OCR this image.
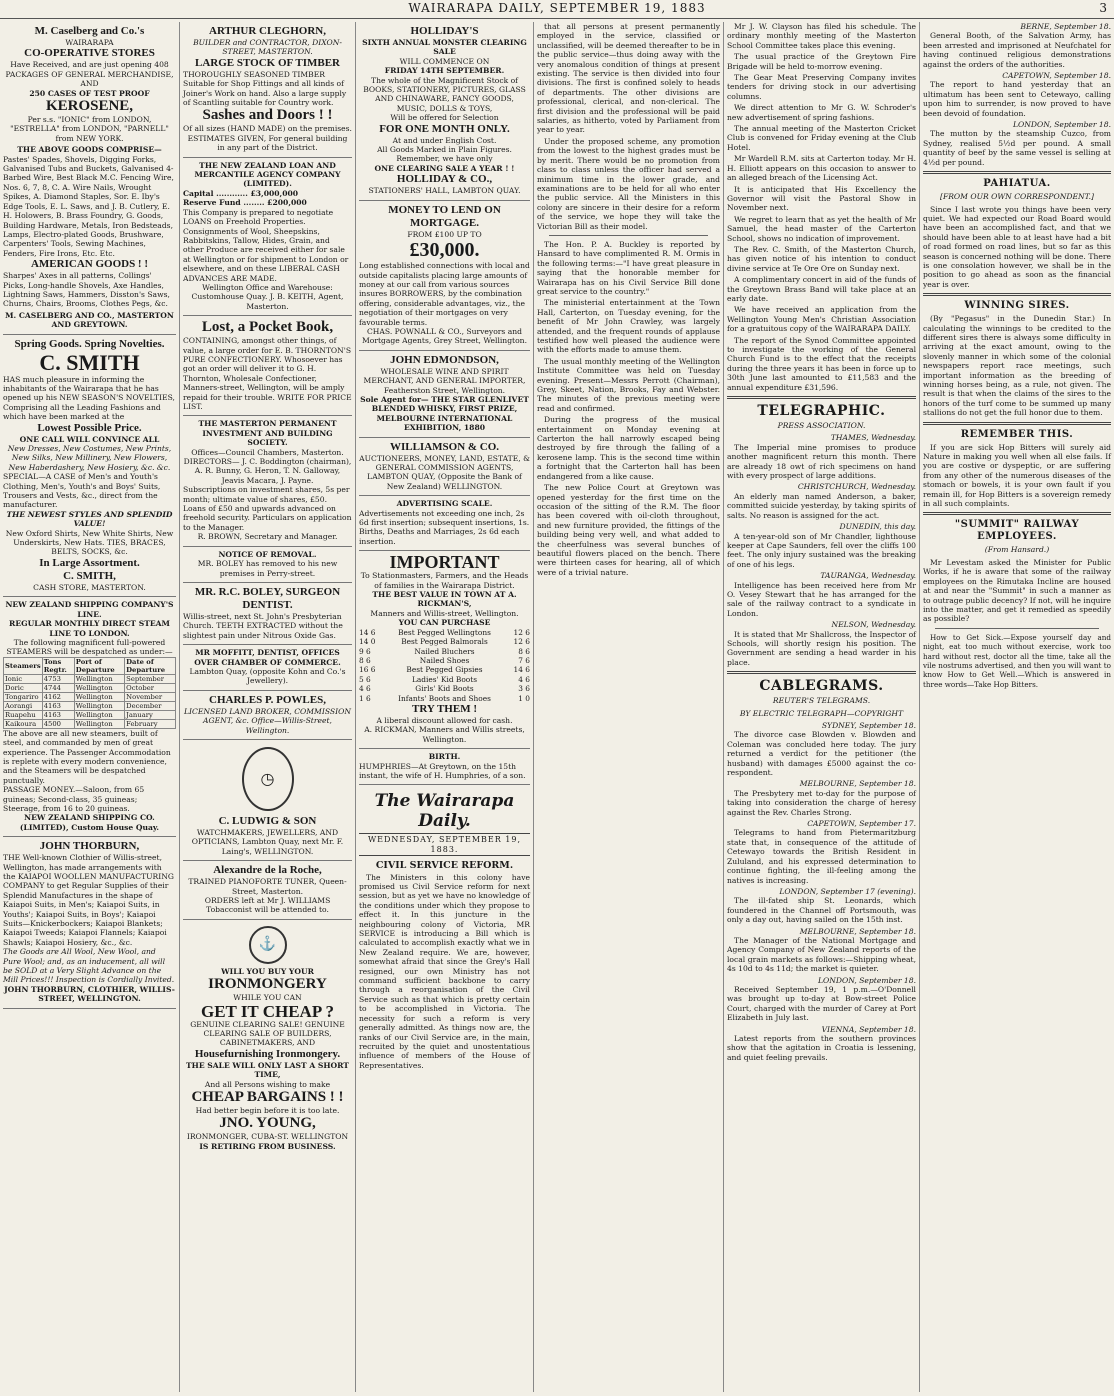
WAIRARAPA DAILY, SEPTEMBER 19, 1883	3
M. Caselberg and Co.'s
WAIRARAPA
CO-OPERATIVE STORES
Have Received, and are just opening 408 PACKAGES OF GENERAL MERCHANDISE, AND
250 CASES OF TEST PROOF
KEROSENE,
Per s.s. "IONIC" from LONDON, "ESTRELLA" from LONDON, "PARNELL" from NEW YORK.
THE ABOVE GOODS COMPRISE—
Pastes' Spades, Shovels, Digging Forks, Galvanised Tubs and Buckets, Galvanised 4-Barbed Wire, Best Black M.C. Fencing Wire, Nos. 6, 7, 8, C. A. Wire Nails, Wrought Spikes, A. Diamond Staples, Sor. E. Iby's Edge Tools, E. L. Saws, and J. B. Cutlery, E. H. Holowers, B. Brass Foundry, G. Goods, Building Hardware, Metals, Iron Bedsteads, Lamps, Electro-plated Goods, Brushware, Carpenters' Tools, Sewing Machines, Fenders, Fire Irons, Etc. Etc.
AMERICAN GOODS ! !
Sharpes' Axes in all patterns, Collings' Picks, Long-handle Shovels, Axe Handles, Lightning Saws, Hammers, Disston's Saws, Churns, Chairs, Brooms, Clothes Pegs, &c.
M. CASELBERG AND CO., MASTERTON AND GREYTOWN.
Spring Goods. Spring Novelties.
C. SMITH
HAS much pleasure in informing the inhabitants of the Wairarapa that he has opened up his NEW SEASON'S NOVELTIES, Comprising all the Leading Fashions and which have been marked at the
Lowest Possible Price.
ONE CALL WILL CONVINCE ALL
New Dresses, New Costumes, New Prints, New Silks, New Millinery, New Flowers, New Haberdashery, New Hosiery, &c. &c.
SPECIAL—A CASE of Men's and Youth's Clothing, Men's, Youth's and Boys' Suits, Trousers and Vests, &c., direct from the manufacturer.
THE NEWEST STYLES AND SPLENDID VALUE!
New Oxford Shirts, New White Shirts, New Underskirts, New Hats. TIES, BRACES, BELTS, SOCKS, &c.
In Large Assortment.
C. SMITH,
CASH STORE, MASTERTON.
NEW ZEALAND SHIPPING COMPANY'S LINE.
REGULAR MONTHLY DIRECT STEAM LINE TO LONDON.
The following magnificent full-powered STEAMERS will be despatched as under:—
Steamers	Tons Regtr.	Port of Departure	Date of Departure
Ionic	4753	Wellington	September
Doric	4744	Wellington	October
Tongariro	4162	Wellington	November
Aorangi	4163	Wellington	December
Ruapehu	4163	Wellington	January
Kaikoura	4500	Wellington	February
The above are all new steamers, built of steel, and commanded by men of great experience. The Passenger Accommodation is replete with every modern convenience, and the Steamers will be despatched punctually.
PASSAGE MONEY.—Saloon, from 65 guineas; Second-class, 35 guineas; Steerage, from 16 to 20 guineas.
NEW ZEALAND SHIPPING CO. (LIMITED), Custom House Quay.
JOHN THORBURN,
THE Well-known Clothier of Willis-street, Wellington, has made arrangements with the KAIAPOI WOOLLEN MANUFACTURING COMPANY to get Regular Supplies of their Splendid Manufactures in the shape of Kaiapoi Suits, in Men's; Kaiapoi Suits, in Youths'; Kaiapoi Suits, in Boys'; Kaiapoi Suits—Knickerbockers; Kaiapoi Blankets; Kaiapoi Tweeds; Kaiapoi Flannels; Kaiapoi Shawls; Kaiapoi Hosiery, &c., &c.
The Goods are All Wool, New Wool, and Pure Wool; and, as an inducement, all will be SOLD at a Very Slight Advance on the Mill Prices!!! Inspection is Cordially Invited.
JOHN THORBURN, CLOTHIER, WILLIS-STREET, WELLINGTON.
ARTHUR CLEGHORN,
BUILDER and CONTRACTOR, DIXON-STREET, MASTERTON.
LARGE STOCK OF TIMBER
THOROUGHLY SEASONED TIMBER Suitable for Shop Fittings and all kinds of Joiner's Work on hand. Also a large supply of Scantling suitable for Country work.
Sashes and Doors ! !
Of all sizes (HAND MADE) on the premises.
ESTIMATES GIVEN, For general building in any part of the District.
THE NEW ZEALAND LOAN AND MERCANTILE AGENCY COMPANY (LIMITED).
Capital ............ £3,000,000
Reserve Fund ........ £200,000
This Company is prepared to negotiate LOANS on Freehold Properties. Consignments of Wool, Sheepskins, Rabbitskins, Tallow, Hides, Grain, and other Produce are received either for sale at Wellington or for shipment to London or elsewhere, and on these LIBERAL CASH ADVANCES ARE MADE.
Wellington Office and Warehouse: Customhouse Quay. J. B. KEITH, Agent, Masterton.
Lost, a Pocket Book,
CONTAINING, amongst other things, of value, a large order for E. B. THORNTON'S PURE CONFECTIONERY. Whosoever has got an order will deliver it to G. H. Thornton, Wholesale Confectioner, Manners-street, Wellington, will be amply repaid for their trouble. WRITE FOR PRICE LIST.
THE MASTERTON PERMANENT INVESTMENT AND BUILDING SOCIETY.
Offices—Council Chambers, Masterton.
DIRECTORS— J. C. Boddington (chairman), A. R. Bunny, G. Heron, T. N. Galloway, Jeavis Macara, J. Payne.
Subscriptions on investment shares, 5s per month; ultimate value of shares, £50. Loans of £50 and upwards advanced on freehold security. Particulars on application to the Manager.
R. BROWN, Secretary and Manager.
NOTICE OF REMOVAL.
MR. BOLEY has removed to his new premises in Perry-street.
MR. R.C. BOLEY, SURGEON DENTIST.
Willis-street, next St. John's Presbyterian Church. TEETH EXTRACTED without the slightest pain under Nitrous Oxide Gas.
MR MOFFITT, DENTIST, OFFICES OVER CHAMBER OF COMMERCE.
Lambton Quay, (opposite Kohn and Co.'s Jewellery).
CHARLES P. POWLES,
LICENSED LAND BROKER, COMMISSION AGENT, &c. Office—Willis-Street, Wellington.
◷
C. LUDWIG & SON
WATCHMAKERS, JEWELLERS, AND OPTICIANS, Lambton Quay, next Mr. F. Laing's, WELLINGTON.
Alexandre de la Roche,
TRAINED PIANOFORTE TUNER, Queen-Street, Masterton.
ORDERS left at Mr J. WILLIAMS Tobacconist will be attended to.
⚓
WILL YOU BUY YOUR
IRONMONGERY
WHILE YOU CAN
GET IT CHEAP ?
GENUINE CLEARING SALE! GENUINE CLEARING SALE OF BUILDERS, CABINETMAKERS, AND
Housefurnishing Ironmongery.
THE SALE WILL ONLY LAST A SHORT TIME,
And all Persons wishing to make
CHEAP BARGAINS ! !
Had better begin before it is too late.
JNO. YOUNG,
IRONMONGER, CUBA-ST. WELLINGTON
IS RETIRING FROM BUSINESS.
HOLLIDAY'S
SIXTH ANNUAL MONSTER CLEARING SALE
WILL COMMENCE ON
FRIDAY 14TH SEPTEMBER.
The whole of the Magnificent Stock of BOOKS, STATIONERY, PICTURES, GLASS AND CHINAWARE, FANCY GOODS, MUSIC, DOLLS & TOYS,
Will be offered for Selection
FOR ONE MONTH ONLY.
At and under English Cost.
All Goods Marked in Plain Figures. Remember, we have only
ONE CLEARING SALE A YEAR ! !
HOLLIDAY & CO.,
STATIONERS' HALL, LAMBTON QUAY.
MONEY TO LEND ON MORTGAGE.
FROM £100 UP TO
£30,000.
Long established connections with local and outside capitalists placing large amounts of money at our call from various sources insures BORROWERS, by the combination offering, considerable advantages, viz., the negotiation of their mortgages on very favourable terms.
CHAS. POWNALL & CO., Surveyors and Mortgage Agents, Grey Street, Wellington.
JOHN EDMONDSON,
WHOLESALE WINE AND SPIRIT MERCHANT, AND GENERAL IMPORTER, Featherston Street, Wellington.
Sole Agent for— THE STAR GLENLIVET BLENDED WHISKY, FIRST PRIZE, MELBOURNE INTERNATIONAL EXHIBITION, 1880
WILLIAMSON & CO.
AUCTIONEERS, MONEY, LAND, ESTATE, & GENERAL COMMISSION AGENTS, LAMBTON QUAY, (Opposite the Bank of New Zealand) WELLINGTON.
ADVERTISING SCALE.
Advertisements not exceeding one inch, 2s 6d first insertion; subsequent insertions, 1s. Births, Deaths and Marriages, 2s 6d each insertion.
IMPORTANT
To Stationmasters, Farmers, and the Heads of families in the Wairarapa District.
THE BEST VALUE IN TOWN AT A. RICKMAN'S,
Manners and Willis-street, Wellington.
YOU CAN PURCHASE
14 6	Best Pegged Wellingtons	12 6
14 0	Best Pegged Balmorals	12 6
9 6	Nailed Bluchers	8 6
8 6	Nailed Shoes	7 6
16 6	Best Pegged Gipsies	14 6
5 6	Ladies' Kid Boots	4 6
4 6	Girls' Kid Boots	3 6
1 6	Infants' Boots and Shoes	1 0
TRY THEM !
A liberal discount allowed for cash.
A. RICKMAN, Manners and Willis streets, Wellington.
BIRTH.
HUMPHRIES—At Greytown, on the 15th instant, the wife of H. Humphries, of a son.
The Wairarapa Daily.
WEDNESDAY, SEPTEMBER 19, 1883.
CIVIL SERVICE REFORM.

The Ministers in this colony have promised us Civil Service reform for next session, but as yet we have no knowledge of the conditions under which they propose to effect it. In this juncture in the neighbouring colony of Victoria, MR SERVICE is introducing a Bill which is calculated to accomplish exactly what we in New Zealand require. We are, however, somewhat afraid that since the Grey's Hall resigned, our own Ministry has not command sufficient backbone to carry through a reorganisation of the Civil Service such as that which is pretty certain to be accomplished in Victoria. The necessity for such a reform is very generally admitted. As things now are, the ranks of our Civil Service are, in the main, recruited by the quiet and unostentatious influence of members of the House of Representatives.

that all persons at present permanently employed in the service, classified or unclassified, will be deemed thereafter to be in the public service—thus doing away with the very anomalous condition of things at present existing. The service is then divided into four divisions. The first is confined solely to heads of departments. The other divisions are professional, clerical, and non-clerical. The first division and the professional will be paid salaries, as hitherto, voted by Parliament from year to year.

Under the proposed scheme, any promotion from the lowest to the highest grades must be by merit. There would be no promotion from class to class unless the officer had served a minimum time in the lower grade, and examinations are to be held for all who enter the public service. All the Ministers in this colony are sincere in their desire for a reform of the service, we hope they will take the Victorian Bill as their model.

The Hon. P. A. Buckley is reported by Hansard to have complimented R. M. Ormis in the following terms:—"I have great pleasure in saying that the honorable member for Wairarapa has on his Civil Service Bill done great service to the country."

The ministerial entertainment at the Town Hall, Carterton, on Tuesday evening, for the benefit of Mr John Crawley, was largely attended, and the frequent rounds of applause testified how well pleased the audience were with the efforts made to amuse them.

The usual monthly meeting of the Wellington Institute Committee was held on Tuesday evening. Present—Messrs Perrott (Chairman), Grey, Skeet, Nation, Brooks, Fay and Webster. The minutes of the previous meeting were read and confirmed.

During the progress of the musical entertainment on Monday evening at Carterton the hall narrowly escaped being destroyed by fire through the falling of a kerosene lamp. This is the second time within a fortnight that the Carterton hall has been endangered from a like cause.

The new Police Court at Greytown was opened yesterday for the first time on the occasion of the sitting of the R.M. The floor has been covered with oil-cloth throughout, and new furniture provided, the fittings of the building being very well, and what added to the cheerfulness was several bunches of beautiful flowers placed on the bench. There were thirteen cases for hearing, all of which were of a trivial nature.

Mr J. W. Clayson has filed his schedule. The ordinary monthly meeting of the Masterton School Committee takes place this evening.

The usual practice of the Greytown Fire Brigade will be held to-morrow evening.

The Gear Meat Preserving Company invites tenders for driving stock in our advertising columns.

We direct attention to Mr G. W. Schroder's new advertisement of spring fashions.

The annual meeting of the Masterton Cricket Club is convened for Friday evening at the Club Hotel.

Mr Wardell R.M. sits at Carterton today. Mr H. H. Elliott appears on this occasion to answer to an alleged breach of the Licensing Act.

It is anticipated that His Excellency the Governor will visit the Pastoral Show in November next.

We regret to learn that as yet the health of Mr Samuel, the head master of the Carterton School, shows no indication of improvement.

The Rev. C. Smith, of the Masterton Church, has given notice of his intention to conduct divine service at Te Ore Ore on Sunday next.

A complimentary concert in aid of the funds of the Greytown Brass Band will take place at an early date.

We have received an application from the Wellington Young Men's Christian Association for a gratuitous copy of the WAIRARAPA DAILY.

The report of the Synod Committee appointed to investigate the working of the General Church Fund is to the effect that the receipts during the three years it has been in force up to 30th June last amounted to £11,583 and the annual expenditure £31,596.

TELEGRAPHIC.
PRESS ASSOCIATION.
THAMES, Wednesday.

The Imperial mine promises to produce another magnificent return this month. There are already 18 owt of rich specimens on hand with every prospect of large additions.

CHRISTCHURCH, Wednesday.

An elderly man named Anderson, a baker, committed suicide yesterday, by taking spirits of salts. No reason is assigned for the act.

DUNEDIN, this day.

A ten-year-old son of Mr Chandler, lighthouse keeper at Cape Saunders, fell over the cliffs 100 feet. The only injury sustained was the breaking of one of his legs.

TAURANGA, Wednesday.

Intelligence has been received here from Mr O. Vesey Stewart that he has arranged for the sale of the railway contract to a syndicate in London.

NELSON, Wednesday.

It is stated that Mr Shallcross, the Inspector of Schools, will shortly resign his position. The Government are sending a head warder in his place.

CABLEGRAMS.
REUTER'S TELEGRAMS.
BY ELECTRIC TELEGRAPH—COPYRIGHT
SYDNEY, September 18.

The divorce case Blowden v. Blowden and Coleman was concluded here today. The jury returned a verdict for the petitioner (the husband) with damages £5000 against the co-respondent.

MELBOURNE, September 18.

The Presbytery met to-day for the purpose of taking into consideration the charge of heresy against the Rev. Charles Strong.

CAPETOWN, September 17.

Telegrams to hand from Pietermaritzburg state that, in consequence of the attitude of Cetewayo towards the British Resident in Zululand, and his expressed determination to continue fighting, the ill-feeling among the natives is increasing.

LONDON, September 17 (evening).

The ill-fated ship St. Leonards, which foundered in the Channel off Portsmouth, was only a day out, having sailed on the 15th inst.

MELBOURNE, September 18.

The Manager of the National Mortgage and Agency Company of New Zealand reports of the local grain markets as follows:—Shipping wheat, 4s 10d to 4s 11d; the market is quieter.

LONDON, September 18.

Received September 19, 1 p.m.—O'Donnell was brought up to-day at Bow-street Police Court, charged with the murder of Carey at Port Elizabeth in July last.

VIENNA, September 18.

Latest reports from the southern provinces show that the agitation in Croatia is lessening, and quiet feeling prevails.

BERNE, September 18.

General Booth, of the Salvation Army, has been arrested and imprisoned at Neufchatel for having continued religious demonstrations against the orders of the authorities.

CAPETOWN, September 18.

The report to hand yesterday that an ultimatum has been sent to Cetewayo, calling upon him to surrender, is now proved to have been devoid of foundation.

LONDON, September 18.

The mutton by the steamship Cuzco, from Sydney, realised 5½d per pound. A small quantity of beef by the same vessel is selling at 4½d per pound.

PAHIATUA.
[FROM OUR OWN CORRESPONDENT.]

Since I last wrote you things have been very quiet. We had expected our Road Board would have been an accomplished fact, and that we should have been able to at least have had a bit of road formed on road lines, but so far as this season is concerned nothing will be done. There is one consolation however, we shall be in the position to go ahead as soon as the financial year is over.

WINNING SIRES.

(By "Pegasus" in the Dunedin Star.) In calculating the winnings to be credited to the different sires there is always some difficulty in arriving at the exact amount, owing to the slovenly manner in which some of the colonial newspapers report race meetings, such important information as the breeding of winning horses being, as a rule, not given. The result is that when the claims of the sires to the honors of the turf come to be summed up many stallions do not get the full honor due to them.

REMEMBER THIS.

If you are sick Hop Bitters will surely aid Nature in making you well when all else fails. If you are costive or dyspeptic, or are suffering from any other of the numerous diseases of the stomach or bowels, it is your own fault if you remain ill, for Hop Bitters is a sovereign remedy in all such complaints.

"SUMMIT" RAILWAY EMPLOYEES.
(From Hansard.)

Mr Levestam asked the Minister for Public Works, if he is aware that some of the railway employees on the Rimutaka Incline are housed at and near the "Summit" in such a manner as to outrage public decency? If not, will he inquire into the matter, and get it remedied as speedily as possible?

How to Get Sick.—Expose yourself day and night, eat too much without exercise, work too hard without rest, doctor all the time, take all the vile nostrums advertised, and then you will want to know How to Get Well.—Which is answered in three words—Take Hop Bitters.
